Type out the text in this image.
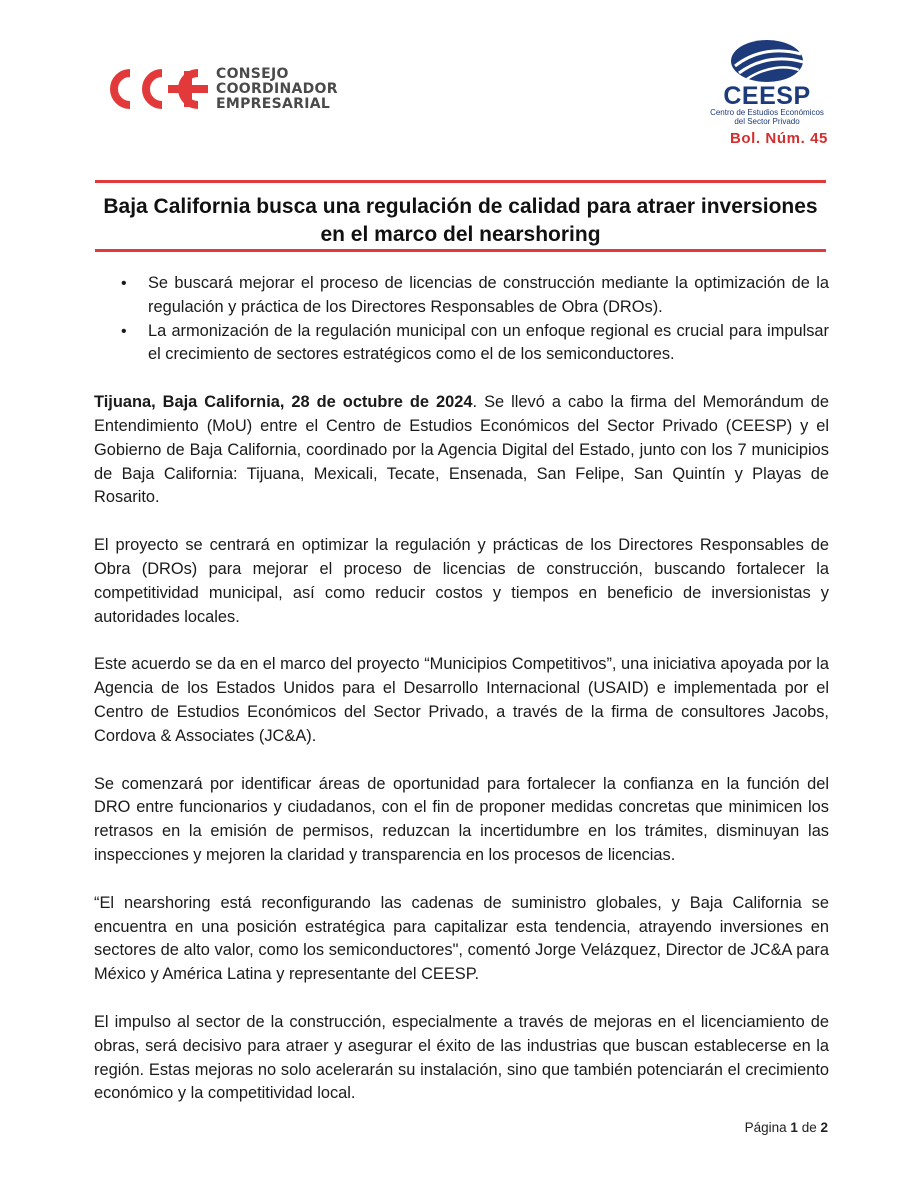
CONSEJO
COORDINADOR
EMPRESARIAL	CEESP
Centro de Estudios Económicos
del Sector Privado
Bol. Núm. 45
Baja California busca una regulación de calidad para atraer inversiones
en el marco del nearshoring
• Se buscará mejorar el proceso de licencias de construcción mediante la optimización de la regulación y práctica de los Directores Responsables de Obra (DROs).
• La armonización de la regulación municipal con un enfoque regional es crucial para impulsar el crecimiento de sectores estratégicos como el de los semiconductores.

Tijuana, Baja California, 28 de octubre de 2024. Se llevó a cabo la firma del Memorándum de Entendimiento (MoU) entre el Centro de Estudios Económicos del Sector Privado (CEESP) y el Gobierno de Baja California, coordinado por la Agencia Digital del Estado, junto con los 7 municipios de Baja California: Tijuana, Mexicali, Tecate, Ensenada, San Felipe, San Quintín y Playas de Rosarito.

El proyecto se centrará en optimizar la regulación y prácticas de los Directores Responsables de Obra (DROs) para mejorar el proceso de licencias de construcción, buscando fortalecer la competitividad municipal, así como reducir costos y tiempos en beneficio de inversionistas y autoridades locales.

Este acuerdo se da en el marco del proyecto “Municipios Competitivos”, una iniciativa apoyada por la Agencia de los Estados Unidos para el Desarrollo Internacional (USAID) e implementada por el Centro de Estudios Económicos del Sector Privado, a través de la firma de consultores Jacobs, Cordova & Associates (JC&A).

Se comenzará por identificar áreas de oportunidad para fortalecer la confianza en la función del DRO entre funcionarios y ciudadanos, con el fin de proponer medidas concretas que minimicen los retrasos en la emisión de permisos, reduzcan la incertidumbre en los trámites, disminuyan las inspecciones y mejoren la claridad y transparencia en los procesos de licencias.

“El nearshoring está reconfigurando las cadenas de suministro globales, y Baja California se encuentra en una posición estratégica para capitalizar esta tendencia, atrayendo inversiones en sectores de alto valor, como los semiconductores", comentó Jorge Velázquez, Director de JC&A para México y América Latina y representante del CEESP.

El impulso al sector de la construcción, especialmente a través de mejoras en el licenciamiento de obras, será decisivo para atraer y asegurar el éxito de las industrias que buscan establecerse en la región. Estas mejoras no solo acelerarán su instalación, sino que también potenciarán el crecimiento económico y la competitividad local.

Página 1 de 2
